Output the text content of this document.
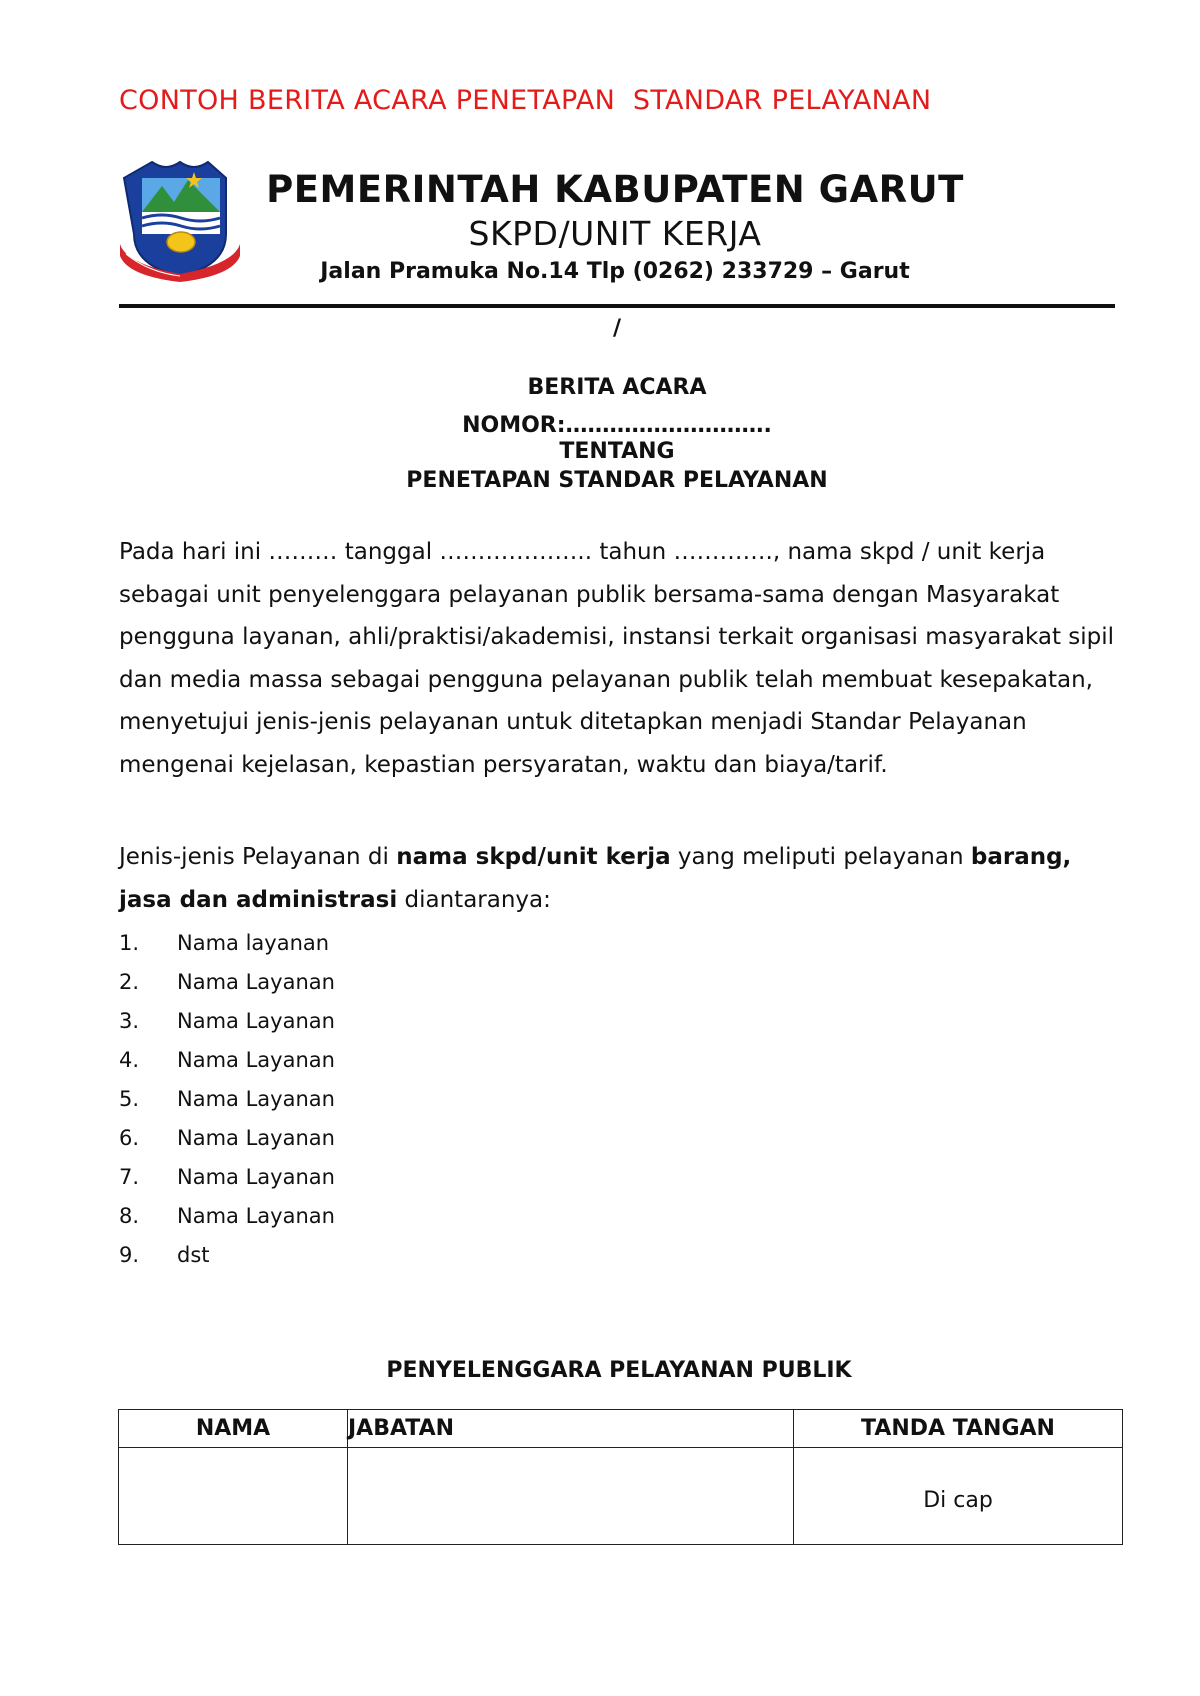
CONTOH BERITA ACARA PENETAPAN  STANDAR PELAYANAN
PEMERINTAH KABUPATEN GARUT
SKPD/UNIT KERJA
Jalan Pramuka No.14 Tlp (0262) 233729 – Garut
/
BERITA ACARA
NOMOR:……………………….
TENTANG
PENETAPAN STANDAR PELAYANAN
Pada hari ini ……… tanggal ……………….. tahun …………., nama skpd / unit kerja sebagai unit penyelenggara pelayanan publik bersama-sama dengan Masyarakat pengguna layanan, ahli/praktisi/akademisi, instansi terkait organisasi masyarakat sipil dan media massa sebagai pengguna pelayanan publik telah membuat kesepakatan, menyetujui jenis-jenis pelayanan untuk ditetapkan menjadi Standar Pelayanan mengenai kejelasan, kepastian persyaratan, waktu dan biaya/tarif.
Jenis-jenis Pelayanan di nama skpd/unit kerja yang meliputi pelayanan barang, jasa dan administrasi diantaranya:
1.	Nama layanan
2.	Nama Layanan
3.	Nama Layanan
4.	Nama Layanan
5.	Nama Layanan
6.	Nama Layanan
7.	Nama Layanan
8.	Nama Layanan
9.	dst
PENYELENGGARA PELAYANAN PUBLIK
NAMA	JABATAN	TANDA TANGAN

		Di cap
